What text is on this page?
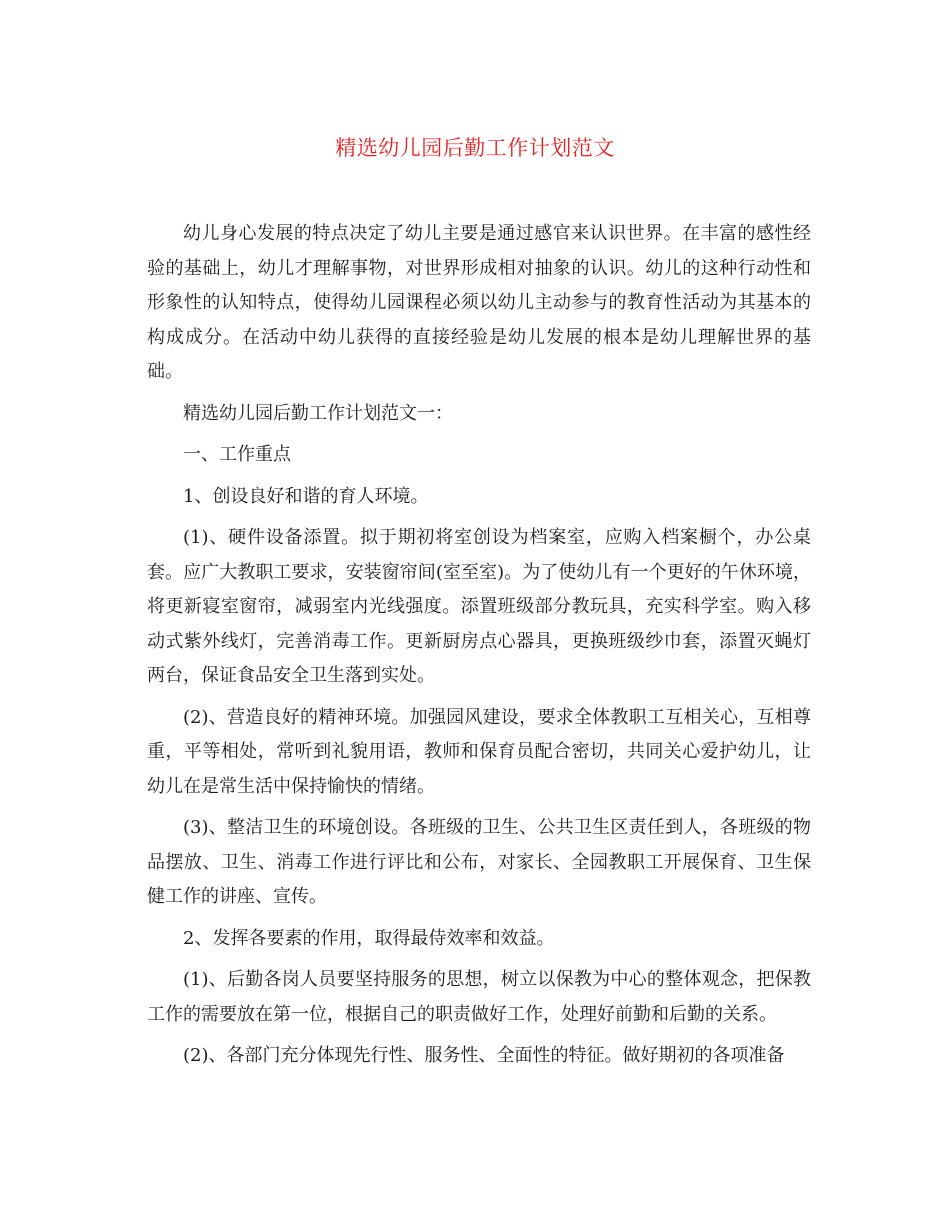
精选幼儿园后勤工作计划范文

幼儿身心发展的特点决定了幼儿主要是通过感官来认识世界。在丰富的感性经验的基础上，幼儿才理解事物，对世界形成相对抽象的认识。幼儿的这种行动性和形象性的认知特点，使得幼儿园课程必须以幼儿主动参与的教育性活动为其基本的构成成分。在活动中幼儿获得的直接经验是幼儿发展的根本是幼儿理解世界的基础。

精选幼儿园后勤工作计划范文一：

一、工作重点

1、创设良好和谐的育人环境。

(1)、硬件设备添置。拟于期初将室创设为档案室，应购入档案橱个，办公桌套。应广大教职工要求，安装窗帘间(室至室)。为了使幼儿有一个更好的午休环境，将更新寝室窗帘，减弱室内光线强度。添置班级部分教玩具，充实科学室。购入移动式紫外线灯，完善消毒工作。更新厨房点心器具，更换班级纱巾套，添置灭蝇灯两台，保证食品安全卫生落到实处。

(2)、营造良好的精神环境。加强园风建设，要求全体教职工互相关心，互相尊重，平等相处，常听到礼貌用语，教师和保育员配合密切，共同关心爱护幼儿，让幼儿在是常生活中保持愉快的情绪。

(3)、整洁卫生的环境创设。各班级的卫生、公共卫生区责任到人，各班级的物品摆放、卫生、消毒工作进行评比和公布，对家长、全园教职工开展保育、卫生保健工作的讲座、宣传。

2、发挥各要素的作用，取得最侍效率和效益。

(1)、后勤各岗人员要坚持服务的思想，树立以保教为中心的整体观念，把保教工作的需要放在第一位，根据自己的职责做好工作，处理好前勤和后勤的关系。

(2)、各部门充分体现先行性、服务性、全面性的特征。做好期初的各项准备
